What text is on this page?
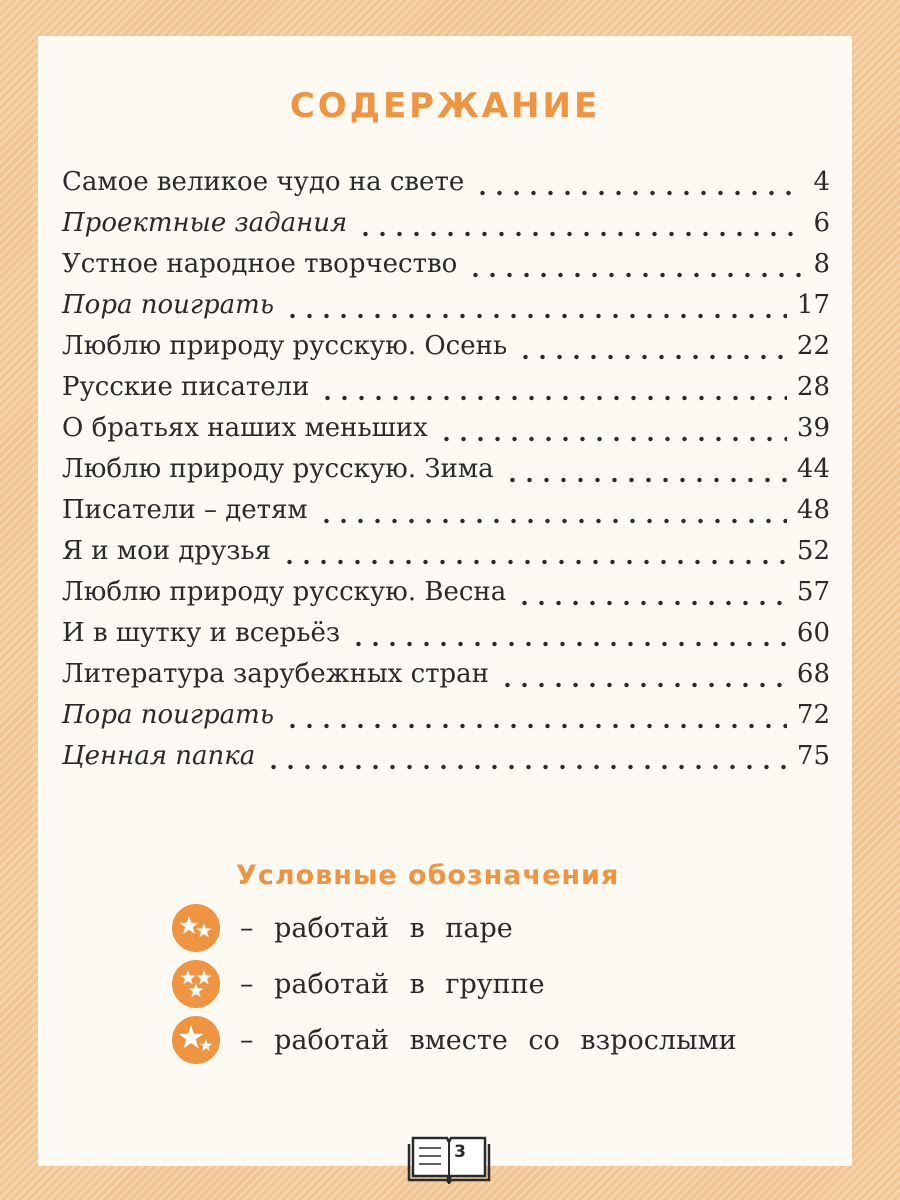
СОДЕРЖАНИЕ
Самое великое чудо на свете	4
Проектные задания	6
Устное народное творчество	8
Пора поиграть	17
Люблю природу русскую. Осень	22
Русские писатели	28
О братьях наших меньших	39
Люблю природу русскую. Зима	44
Писатели – детям	48
Я и мои друзья	52
Люблю природу русскую. Весна	57
И в шутку и всерьёз	60
Литература зарубежных стран	68
Пора поиграть	72
Ценная папка	75
Условные обозначения
– работай в паре
– работай в группе
– работай вместе со взрослыми
3
